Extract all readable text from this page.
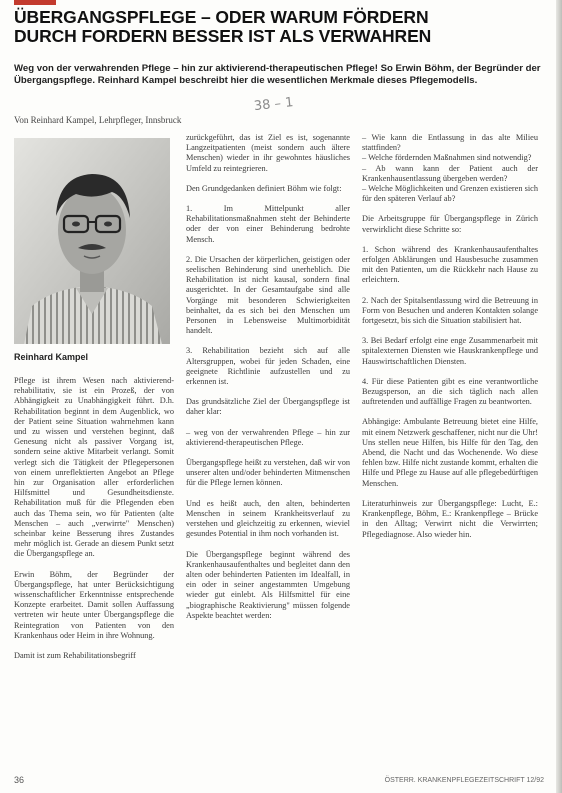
ÜBERGANGSPFLEGE – ODER WARUM FÖRDERN
DURCH FORDERN BESSER IST ALS VERWAHREN
Weg von der verwahrenden Pflege – hin zur aktivierend-therapeutischen Pflege! So Erwin Böhm, der Begründer der Übergangspflege. Reinhard Kampel beschreibt hier die wesentlichen Merkmale dieses Pflegemodells.
38 – 1
Von Reinhard Kampel, Lehrpfleger, Innsbruck
Reinhard Kampel

Pflege ist ihrem Wesen nach aktivierend-rehabilitativ, sie ist ein Prozeß, der von Abhängigkeit zu Unabhängigkeit führt. D.h. Rehabilitation beginnt in dem Augenblick, wo der Patient seine Situation wahrnehmen kann und zu wissen und verstehen beginnt, daß Genesung nicht als passiver Vorgang ist, sondern seine aktive Mitarbeit verlangt. Somit verlegt sich die Tätigkeit der Pflegepersonen von einem unreflektierten Angebot an Pflege hin zur Organisation aller erforderlichen Hilfsmittel und Gesundheitsdienste. Rehabilitation muß für die Pflegenden eben auch das Thema sein, wo für Patienten (alte Menschen – auch „verwirrte" Menschen) scheinbar keine Besserung ihres Zustandes mehr möglich ist. Gerade an diesem Punkt setzt die Übergangspflege an.

Erwin Böhm, der Begründer der Übergangspflege, hat unter Berücksichtigung wissenschaftlicher Erkenntnisse entsprechende Konzepte erarbeitet. Damit sollen Auffassung vertreten wir heute unter Übergangspflege die Reintegration von Patienten von den Krankenhaus oder Heim in ihre Wohnung.

Damit ist zum Rehabilitationsbegriff

zurückgeführt, das ist Ziel es ist, sogenannte Langzeitpatienten (meist sondern auch ältere Menschen) wieder in ihr gewohntes häusliches Umfeld zu reintegrieren.

Den Grundgedanken definiert Böhm wie folgt:

1. Im Mittelpunkt aller Rehabilitationsmaßnahmen steht der Behinderte oder der von einer Behinderung bedrohte Mensch.

2. Die Ursachen der körperlichen, geistigen oder seelischen Behinderung sind unerheblich. Die Rehabilitation ist nicht kausal, sondern final ausgerichtet. In der Gesamtaufgabe sind alle Vorgänge mit besonderen Schwierigkeiten beinhaltet, da es sich bei den Menschen um Personen in Lebensweise Multimorbidität handelt.

3. Rehabilitation bezieht sich auf alle Altersgruppen, wobei für jeden Schaden, eine geeignete Richtlinie aufzustellen und zu erkennen ist.

Das grundsätzliche Ziel der Übergangspflege ist daher klar:

– weg von der verwahrenden Pflege – hin zur aktivierend-therapeutischen Pflege.

Übergangspflege heißt zu verstehen, daß wir von unserer alten und/oder behinderten Mitmenschen für die Pflege lernen können.

Und es heißt auch, den alten, behinderten Menschen in seinem Krankheitsverlauf zu verstehen und gleichzeitig zu erkennen, wieviel gesundes Potential in ihm noch vorhanden ist.

Die Übergangspflege beginnt während des Krankenhausaufenthaltes und begleitet dann den alten oder behinderten Patienten im Idealfall, in ein oder in seiner angestammten Umgebung wieder gut einlebt. Als Hilfsmittel für eine „biographische Reaktivierung" müssen folgende Aspekte beachtet werden:

– Wie kann die Entlassung in das alte Milieu stattfinden?
– Welche fördernden Maßnahmen sind notwendig?
– Ab wann kann der Patient auch der Krankenhausentlassung übergeben werden?
– Welche Möglichkeiten und Grenzen existieren sich für den späteren Verlauf ab?

Die Arbeitsgruppe für Übergangspflege in Zürich verwirklicht diese Schritte so:

1. Schon während des Krankenhausaufenthaltes erfolgen Abklärungen und Hausbesuche zusammen mit den Patienten, um die Rückkehr nach Hause zu erleichtern.

2. Nach der Spitalsentlassung wird die Betreuung in Form von Besuchen und anderen Kontakten solange fortgesetzt, bis sich die Situation stabilisiert hat.

3. Bei Bedarf erfolgt eine enge Zusammenarbeit mit spitalexternen Diensten wie Hauskrankenpflege und Hauswirtschaftlichen Diensten.

4. Für diese Patienten gibt es eine verantwortliche Bezugsperson, an die sich täglich nach allen auftretenden und auffällige Fragen zu beantworten.

Abhängige: Ambulante Betreuung bietet eine Hilfe, mit einem Netzwerk geschaffener, nicht nur die Uhr! Uns stellen neue Hilfen, bis Hilfe für den Tag, den Abend, die Nacht und das Wochenende. Wo diese fehlen bzw. Hilfe nicht zustande kommt, erhalten die Hilfe und Pflege zu Hause auf alle pflegebedürftigen Menschen.

Literaturhinweis zur Übergangspflege: Lucht, E.: Krankenpflege, Böhm, E.: Krankenpflege – Brücke in den Alltag; Verwirrt nicht die Verwirrten; Pflegediagnose. Also wieder hin.

36	ÖSTERR. KRANKENPFLEGEZEITSCHRIFT 12/92
